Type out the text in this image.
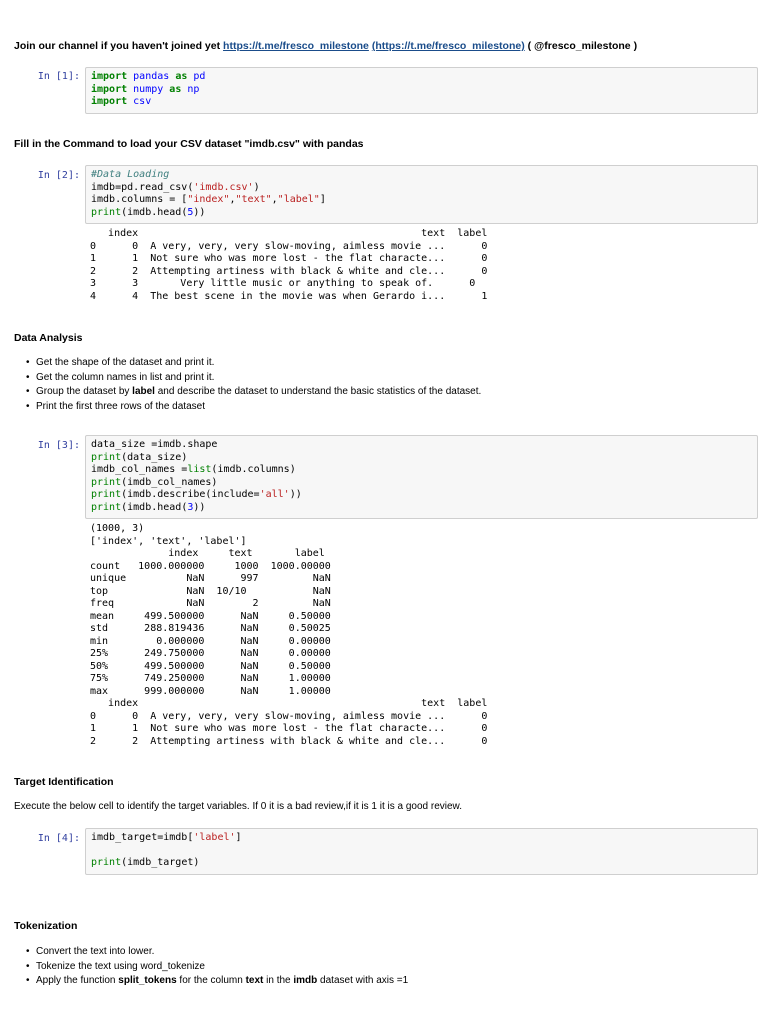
Join our channel if you haven't joined yet https://t.me/fresco_milestone (https://t.me/fresco_milestone) ( @fresco_milestone )
In [1]:	import pandas as pd
import numpy as np
import csv
Fill in the Command to load your CSV dataset "imdb.csv" with pandas
In [2]:	#Data Loading
imdb=pd.read_csv('imdb.csv')
imdb.columns = ["index","text","label"]
print(imdb.head(5))
index                                               text  label
0      0  A very, very, very slow-moving, aimless movie ...      0
1      1  Not sure who was more lost - the flat characte...      0
2      2  Attempting artiness with black & white and cle...      0
3      3       Very little music or anything to speak of.      0
4      4  The best scene in the movie was when Gerardo i...      1
Data Analysis
• Get the shape of the dataset and print it.
• Get the column names in list and print it.
• Group the dataset by label and describe the dataset to understand the basic statistics of the dataset.
• Print the first three rows of the dataset
In [3]:	data_size =imdb.shape
print(data_size)
imdb_col_names =list(imdb.columns)
print(imdb_col_names)
print(imdb.describe(include='all'))
print(imdb.head(3))
(1000, 3)
['index', 'text', 'label']
index     text       label
count   1000.000000     1000  1000.00000
unique          NaN      997         NaN
top             NaN  10/10           NaN
freq            NaN        2         NaN
mean     499.500000      NaN     0.50000
std      288.819436      NaN     0.50025
min        0.000000      NaN     0.00000
25%      249.750000      NaN     0.00000
50%      499.500000      NaN     0.50000
75%      749.250000      NaN     1.00000
max      999.000000      NaN     1.00000
index                                               text  label
0      0  A very, very, very slow-moving, aimless movie ...      0
1      1  Not sure who was more lost - the flat characte...      0
2      2  Attempting artiness with black & white and cle...      0
Target Identification
Execute the below cell to identify the target variables. If 0 it is a bad review,if it is 1 it is a good review.
In [4]:	imdb_target=imdb['label']

print(imdb_target)
Tokenization
• Convert the text into lower.
• Tokenize the text using word_tokenize
• Apply the function split_tokens for the column text in the imdb dataset with axis =1
